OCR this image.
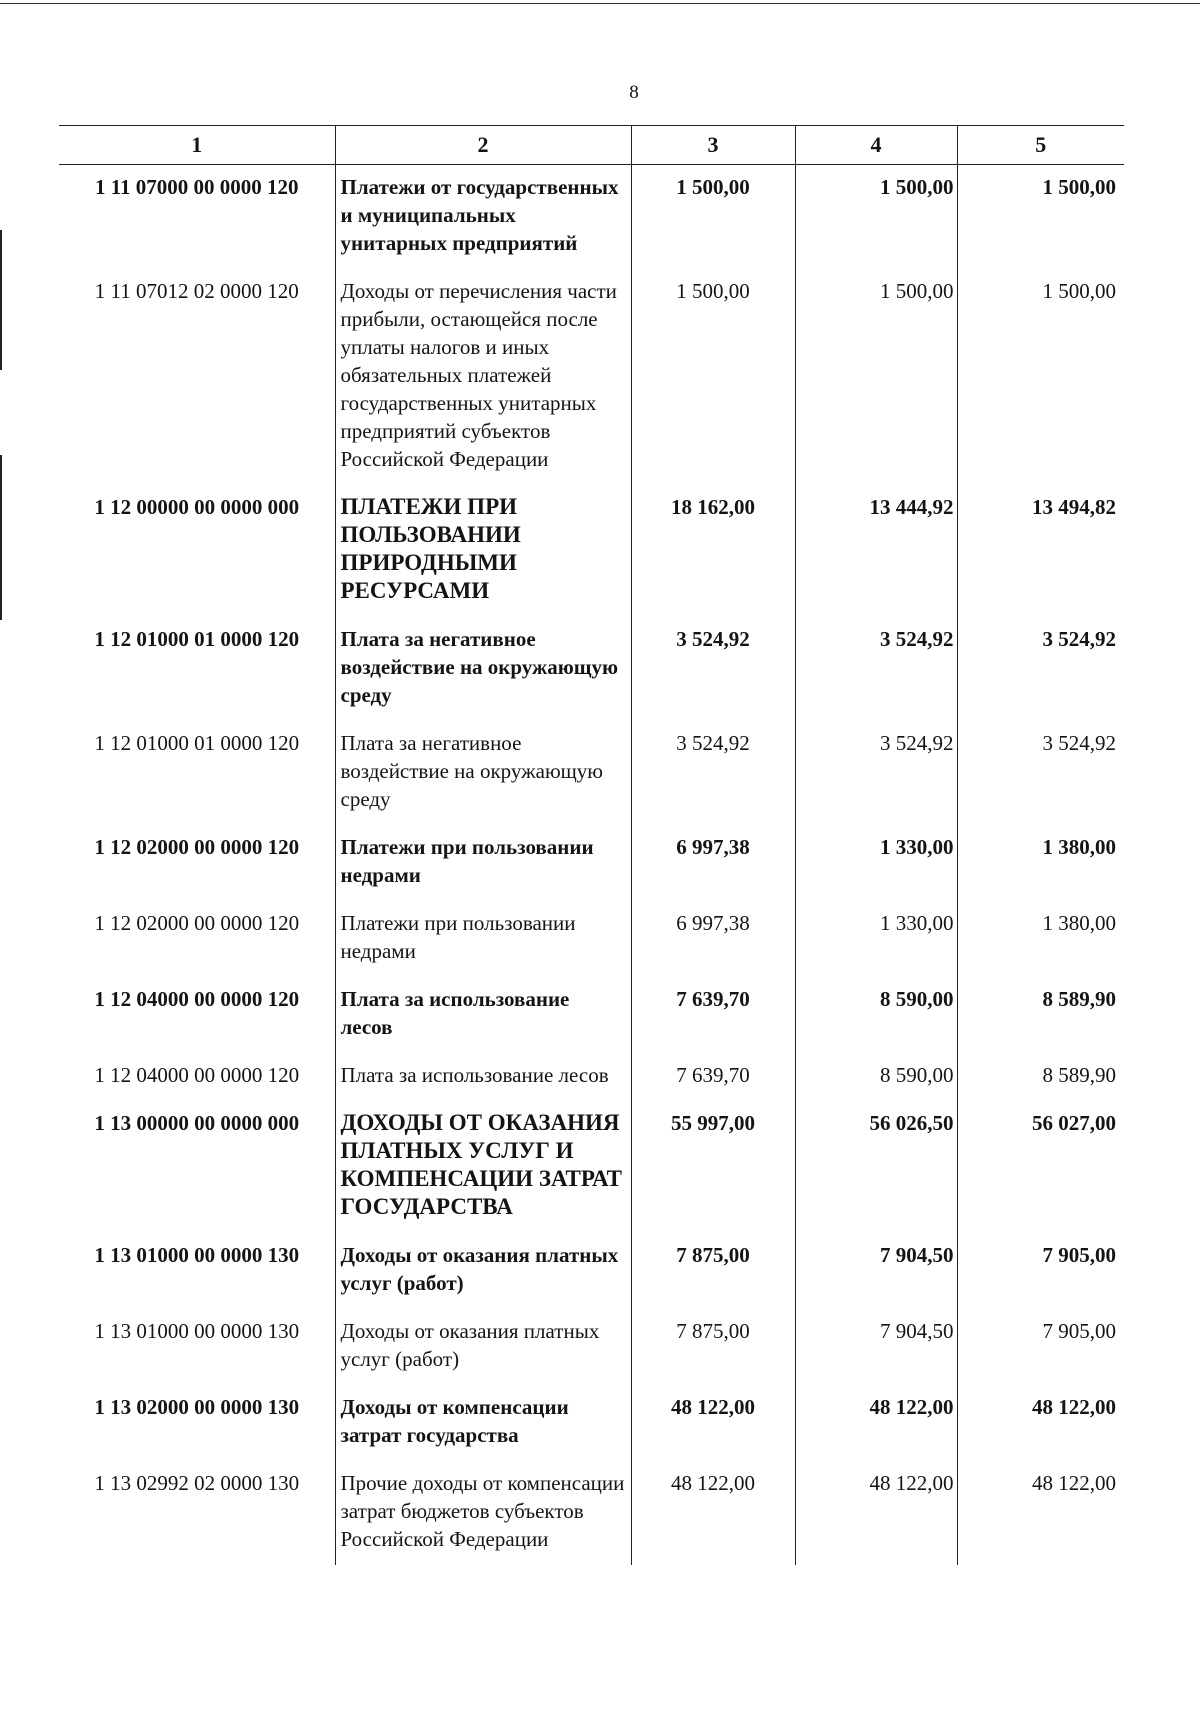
8
1	2	3	4	5
1 11 07000 00 0000 120	Платежи от государственных и муниципальных унитарных предприятий	1 500,00	1 500,00	1 500,00
1 11 07012 02 0000 120	Доходы от перечисления части прибыли, остающейся после уплаты налогов и иных обязательных платежей государственных унитарных предприятий субъектов Российской Федерации	1 500,00	1 500,00	1 500,00
1 12 00000 00 0000 000	ПЛАТЕЖИ ПРИ ПОЛЬЗОВАНИИ ПРИРОДНЫМИ РЕСУРСАМИ	18 162,00	13 444,92	13 494,82
1 12 01000 01 0000 120	Плата за негативное воздействие на окружающую среду	3 524,92	3 524,92	3 524,92
1 12 01000 01 0000 120	Плата за негативное воздействие на окружающую среду	3 524,92	3 524,92	3 524,92
1 12 02000 00 0000 120	Платежи при пользовании недрами	6 997,38	1 330,00	1 380,00
1 12 02000 00 0000 120	Платежи при пользовании недрами	6 997,38	1 330,00	1 380,00
1 12 04000 00 0000 120	Плата за использование лесов	7 639,70	8 590,00	8 589,90
1 12 04000 00 0000 120	Плата за использование лесов	7 639,70	8 590,00	8 589,90
1 13 00000 00 0000 000	ДОХОДЫ ОТ ОКАЗАНИЯ ПЛАТНЫХ УСЛУГ И КОМПЕНСАЦИИ ЗАТРАТ ГОСУДАРСТВА	55 997,00	56 026,50	56 027,00
1 13 01000 00 0000 130	Доходы от оказания платных услуг (работ)	7 875,00	7 904,50	7 905,00
1 13 01000 00 0000 130	Доходы от оказания платных услуг (работ)	7 875,00	7 904,50	7 905,00
1 13 02000 00 0000 130	Доходы от компенсации затрат государства	48 122,00	48 122,00	48 122,00
1 13 02992 02 0000 130	Прочие доходы от компенсации затрат бюджетов субъектов Российской Федерации	48 122,00	48 122,00	48 122,00
